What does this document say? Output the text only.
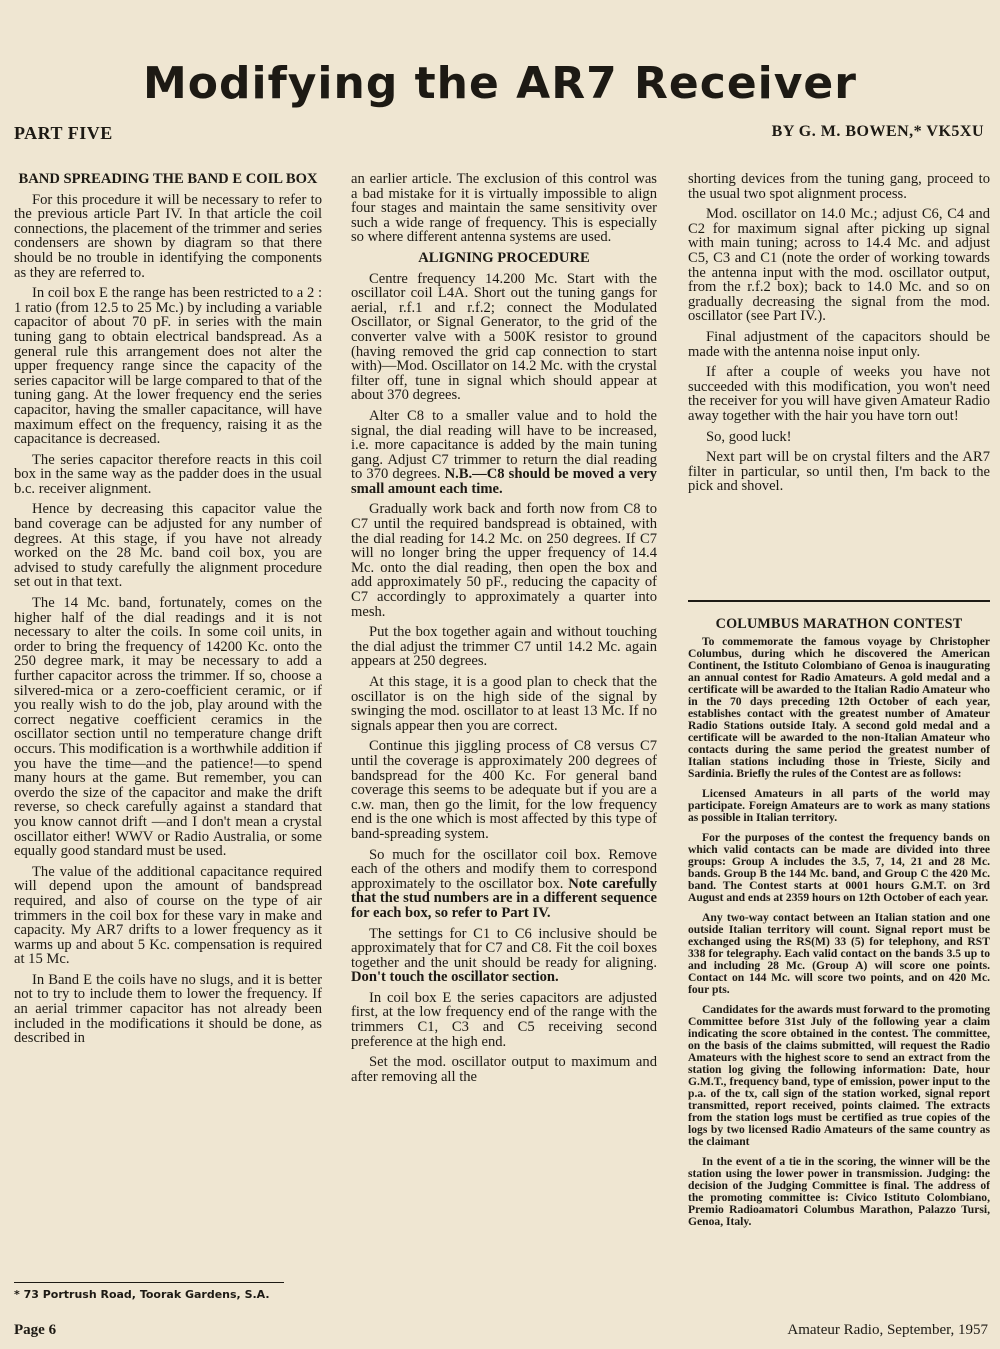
Modifying the AR7 Receiver
PART FIVE	BY G. M. BOWEN,* VK5XU
BAND SPREADING THE BAND E COIL BOX

For this procedure it will be necessary to refer to the previous article Part IV. In that article the coil connections, the placement of the trimmer and series condensers are shown by diagram so that there should be no trouble in identifying the components as they are referred to.

In coil box E the range has been restricted to a 2 : 1 ratio (from 12.5 to 25 Mc.) by including a variable capacitor of about 70 pF. in series with the main tuning gang to obtain electrical bandspread. As a general rule this arrangement does not alter the upper frequency range since the capacity of the series capacitor will be large compared to that of the tuning gang. At the lower frequency end the series capacitor, having the smaller capacitance, will have maximum effect on the frequency, raising it as the capacitance is decreased.

The series capacitor therefore reacts in this coil box in the same way as the padder does in the usual b.c. receiver alignment.

Hence by decreasing this capacitor value the band coverage can be adjusted for any number of degrees. At this stage, if you have not already worked on the 28 Mc. band coil box, you are advised to study carefully the alignment procedure set out in that text.

The 14 Mc. band, fortunately, comes on the higher half of the dial readings and it is not necessary to alter the coils. In some coil units, in order to bring the frequency of 14200 Kc. onto the 250 degree mark, it may be necessary to add a further capacitor across the trimmer. If so, choose a silvered-mica or a zero-coefficient ceramic, or if you really wish to do the job, play around with the correct negative coefficient ceramics in the oscillator section until no temperature change drift occurs. This modification is a worthwhile addition if you have the time—and the patience!—to spend many hours at the game. But remember, you can overdo the size of the capacitor and make the drift reverse, so check carefully against a standard that you know cannot drift —and I don't mean a crystal oscillator either! WWV or Radio Australia, or some equally good standard must be used.

The value of the additional capacitance required will depend upon the amount of bandspread required, and also of course on the type of air trimmers in the coil box for these vary in make and capacity. My AR7 drifts to a lower frequency as it warms up and about 5 Kc. compensation is required at 15 Mc.

In Band E the coils have no slugs, and it is better not to try to include them to lower the frequency. If an aerial trimmer capacitor has not already been included in the modifications it should be done, as described in

an earlier article. The exclusion of this control was a bad mistake for it is virtually impossible to align four stages and maintain the same sensitivity over such a wide range of frequency. This is especially so where different antenna systems are used.

ALIGNING PROCEDURE

Centre frequency 14.200 Mc. Start with the oscillator coil L4A. Short out the tuning gangs for aerial, r.f.1 and r.f.2; connect the Modulated Oscillator, or Signal Generator, to the grid of the converter valve with a 500K resistor to ground (having removed the grid cap connection to start with)—Mod. Oscillator on 14.2 Mc. with the crystal filter off, tune in signal which should appear at about 370 degrees.

Alter C8 to a smaller value and to hold the signal, the dial reading will have to be increased, i.e. more capacitance is added by the main tuning gang. Adjust C7 trimmer to return the dial reading to 370 degrees. N.B.—C8 should be moved a very small amount each time.

Gradually work back and forth now from C8 to C7 until the required bandspread is obtained, with the dial reading for 14.2 Mc. on 250 degrees. If C7 will no longer bring the upper frequency of 14.4 Mc. onto the dial reading, then open the box and add approximately 50 pF., reducing the capacity of C7 accordingly to approximately a quarter into mesh.

Put the box together again and without touching the dial adjust the trimmer C7 until 14.2 Mc. again appears at 250 degrees.

At this stage, it is a good plan to check that the oscillator is on the high side of the signal by swinging the mod. oscillator to at least 13 Mc. If no signals appear then you are correct.

Continue this jiggling process of C8 versus C7 until the coverage is approximately 200 degrees of bandspread for the 400 Kc. For general band coverage this seems to be adequate but if you are a c.w. man, then go the limit, for the low frequency end is the one which is most affected by this type of band-spreading system.

So much for the oscillator coil box. Remove each of the others and modify them to correspond approximately to the oscillator box. Note carefully that the stud numbers are in a different sequence for each box, so refer to Part IV.

The settings for C1 to C6 inclusive should be approximately that for C7 and C8. Fit the coil boxes together and the unit should be ready for aligning. Don't touch the oscillator section.

In coil box E the series capacitors are adjusted first, at the low frequency end of the range with the trimmers C1, C3 and C5 receiving second preference at the high end.

Set the mod. oscillator output to maximum and after removing all the

shorting devices from the tuning gang, proceed to the usual two spot alignment process.

Mod. oscillator on 14.0 Mc.; adjust C6, C4 and C2 for maximum signal after picking up signal with main tuning; across to 14.4 Mc. and adjust C5, C3 and C1 (note the order of working towards the antenna input with the mod. oscillator output, from the r.f.2 box); back to 14.0 Mc. and so on gradually decreasing the signal from the mod. oscillator (see Part IV.).

Final adjustment of the capacitors should be made with the antenna noise input only.

If after a couple of weeks you have not succeeded with this modification, you won't need the receiver for you will have given Amateur Radio away together with the hair you have torn out!

So, good luck!

Next part will be on crystal filters and the AR7 filter in particular, so until then, I'm back to the pick and shovel.

COLUMBUS MARATHON CONTEST

To commemorate the famous voyage by Christopher Columbus, during which he discovered the American Continent, the Istituto Colombiano of Genoa is inaugurating an annual contest for Radio Amateurs. A gold medal and a certificate will be awarded to the Italian Radio Amateur who in the 70 days preceding 12th October of each year, establishes contact with the greatest number of Amateur Radio Stations outside Italy. A second gold medal and a certificate will be awarded to the non-Italian Amateur who contacts during the same period the greatest number of Italian stations including those in Trieste, Sicily and Sardinia. Briefly the rules of the Contest are as follows:

Licensed Amateurs in all parts of the world may participate. Foreign Amateurs are to work as many stations as possible in Italian territory.

For the purposes of the contest the frequency bands on which valid contacts can be made are divided into three groups: Group A includes the 3.5, 7, 14, 21 and 28 Mc. bands. Group B the 144 Mc. band, and Group C the 420 Mc. band. The Contest starts at 0001 hours G.M.T. on 3rd August and ends at 2359 hours on 12th October of each year.

Any two-way contact between an Italian station and one outside Italian territory will count. Signal report must be exchanged using the RS(M) 33 (5) for telephony, and RST 338 for telegraphy. Each valid contact on the bands 3.5 up to and including 28 Mc. (Group A) will score one points. Contact on 144 Mc. will score two points, and on 420 Mc. four pts.

Candidates for the awards must forward to the promoting Committee before 31st July of the following year a claim indicating the score obtained in the contest. The committee, on the basis of the claims submitted, will request the Radio Amateurs with the highest score to send an extract from the station log giving the following information: Date, hour G.M.T., frequency band, type of emission, power input to the p.a. of the tx, call sign of the station worked, signal report transmitted, report received, points claimed. The extracts from the station logs must be certified as true copies of the logs by two licensed Radio Amateurs of the same country as the claimant

In the event of a tie in the scoring, the winner will be the station using the lower power in transmission. Judging: the decision of the Judging Committee is final. The address of the promoting committee is: Civico Istituto Colombiano, Premio Radioamatori Columbus Marathon, Palazzo Tursi, Genoa, Italy.

* 73 Portrush Road, Toorak Gardens, S.A.
Page 6	Amateur Radio, September, 1957
